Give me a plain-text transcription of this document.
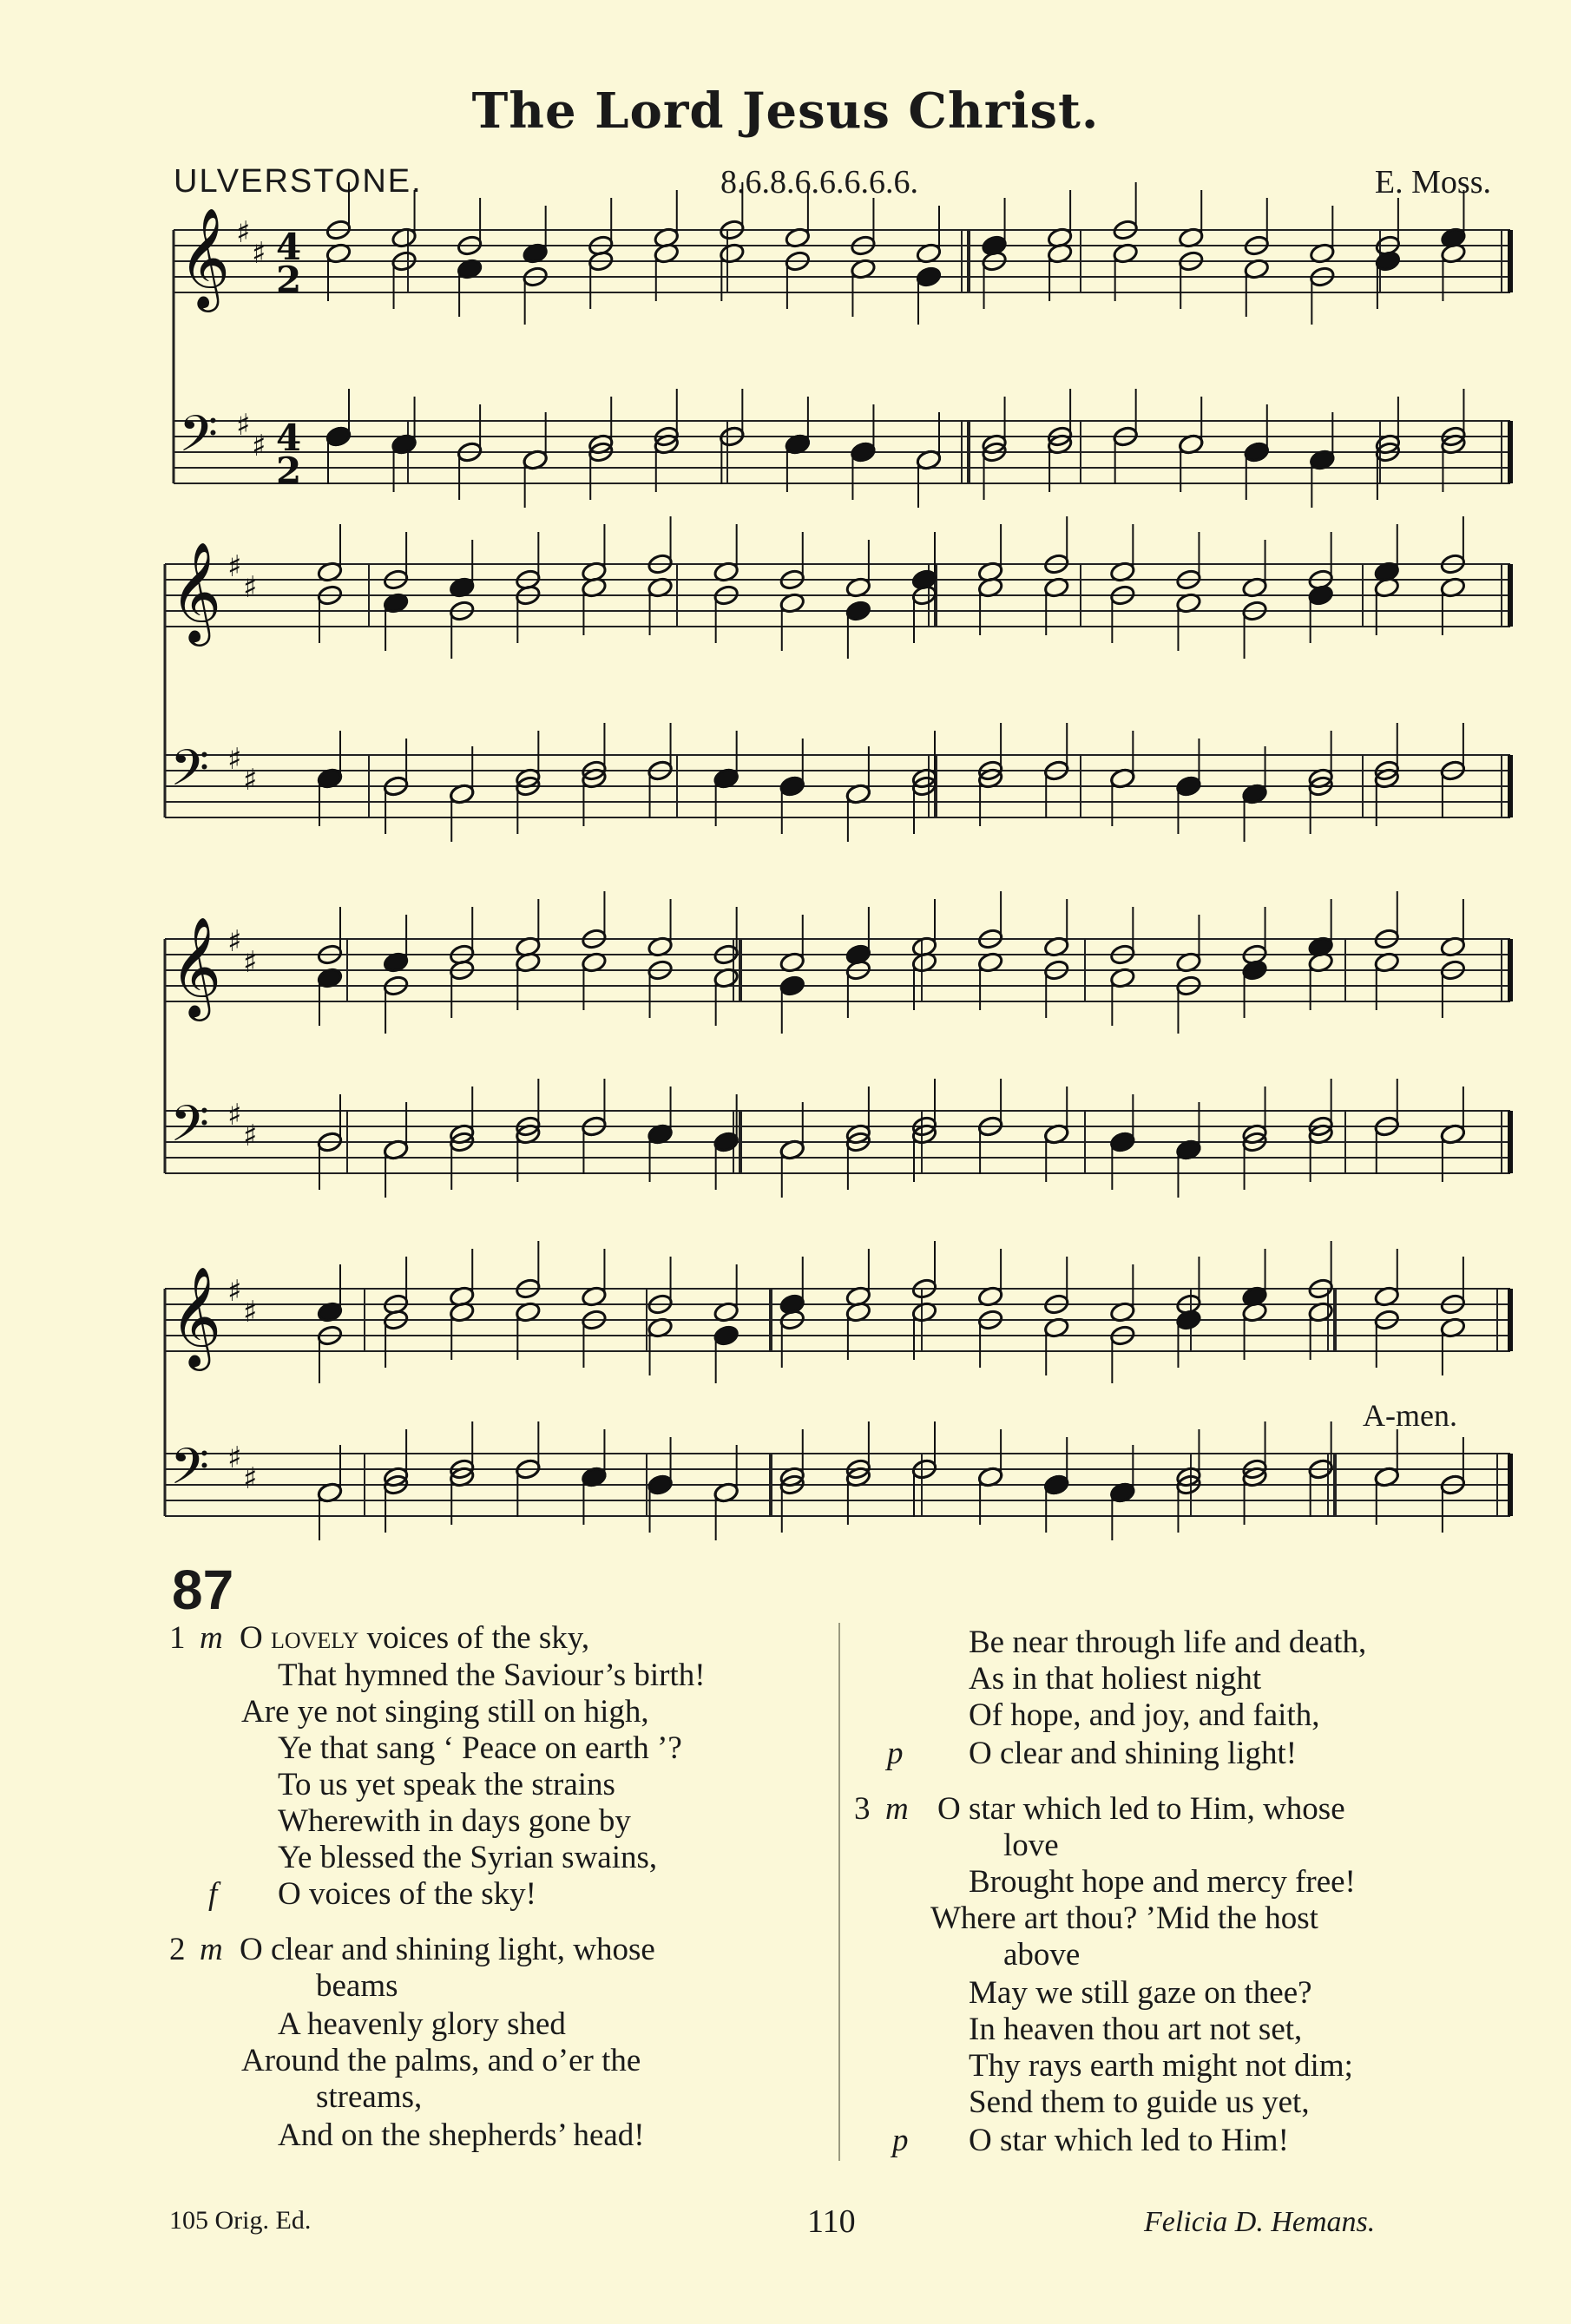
The Lord Jesus Christ.
ULVERSTONE.	8.6.8.6.6.6.6.6.	E. Moss.
𝄞 ♯
♯ 4
2
𝄢 ♯
♯ 4
2
𝄞 ♯
♯
𝄢 ♯
♯
𝄞 ♯
♯
𝄢 ♯
♯
𝄞 ♯
♯
𝄢 ♯
♯
A-men.
87
1 m O lovely voices of the sky,
That hymned the Saviour’s birth!
Are ye not singing still on high,
Ye that sang ‘ Peace on earth ’?
To us yet speak the strains
Wherewith in days gone by
Ye blessed the Syrian swains,
f O voices of the sky!
2 m O clear and shining light, whose
beams
A heavenly glory shed
Around the palms, and o’er the
streams,
And on the shepherds’ head!
Be near through life and death,
As in that holiest night
Of hope, and joy, and faith,
p O clear and shining light!
3 m O star which led to Him, whose
love
Brought hope and mercy free!
Where art thou? ’Mid the host
above
May we still gaze on thee?
In heaven thou art not set,
Thy rays earth might not dim;
Send them to guide us yet,
p O star which led to Him!
105 Orig. Ed.	110	Felicia D. Hemans.
